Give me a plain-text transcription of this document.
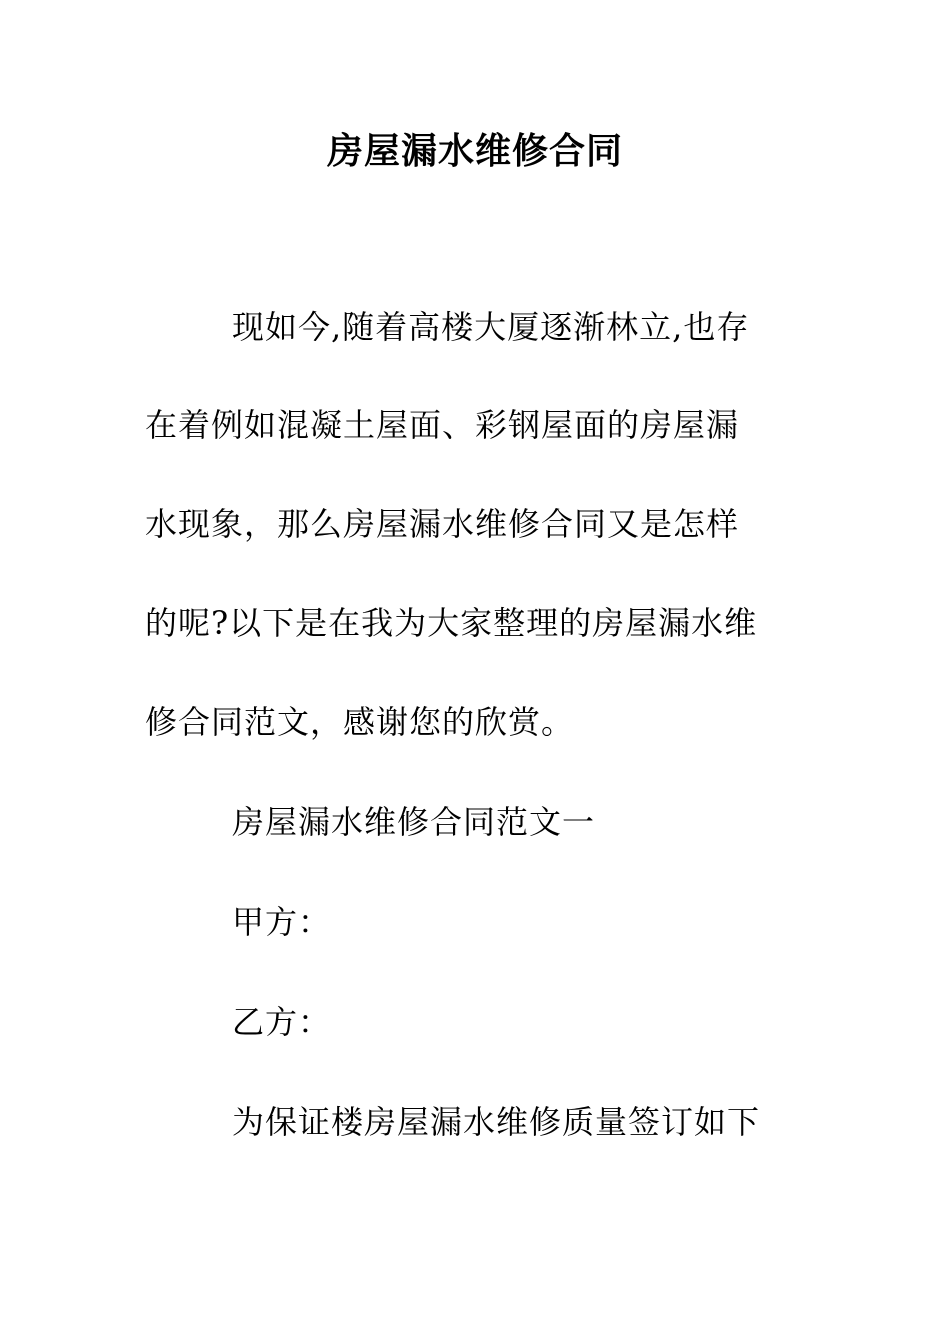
房屋漏水维修合同
现如今,随着高楼大厦逐渐林立,也存
在着例如混凝土屋面、彩钢屋面的房屋漏
水现象，那么房屋漏水维修合同又是怎样
的呢?以下是在我为大家整理的房屋漏水维
修合同范文，感谢您的欣赏。
房屋漏水维修合同范文一
甲方：
乙方：
为保证楼房屋漏水维修质量签订如下
